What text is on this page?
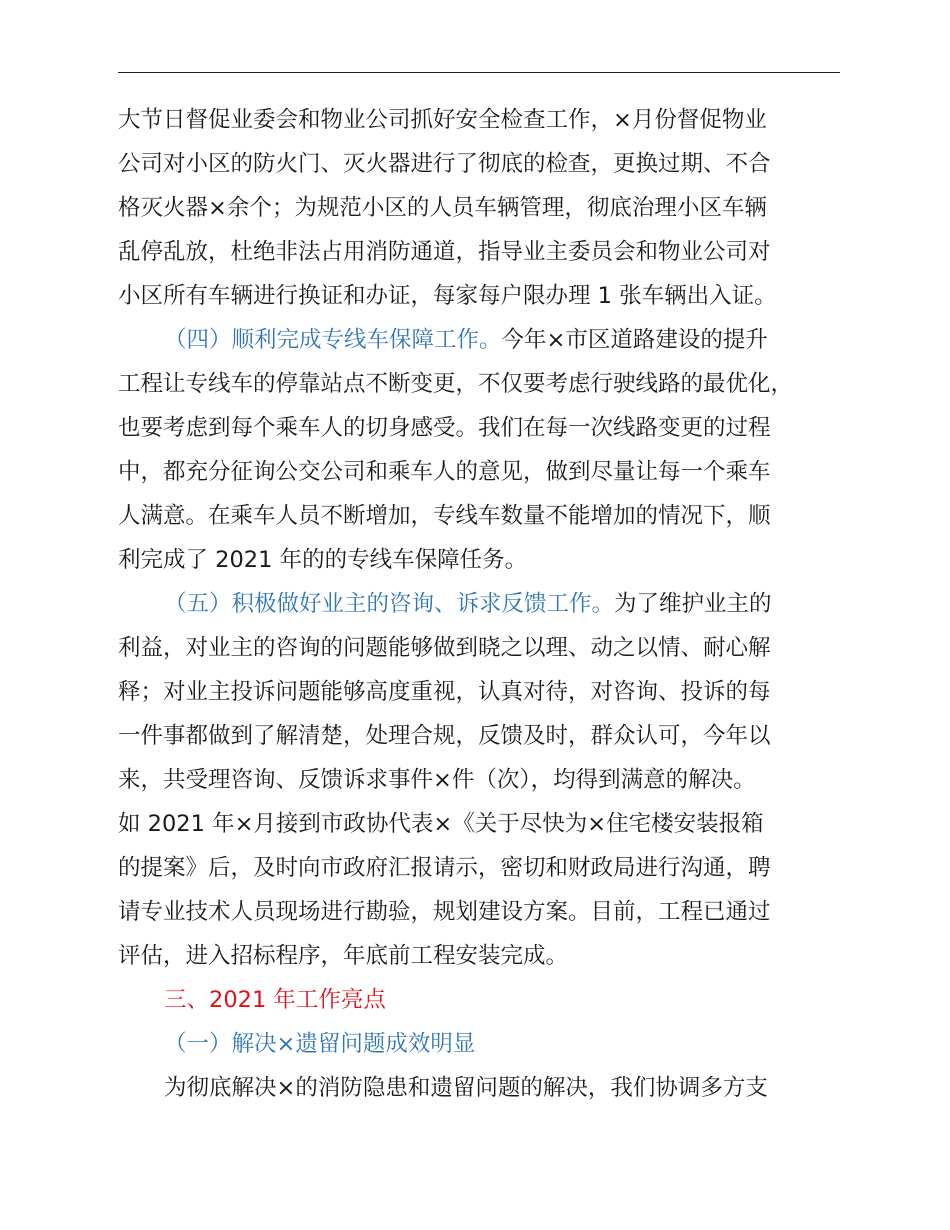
大节日督促业委会和物业公司抓好安全检查工作，×月份督促物业
公司对小区的防火门、灭火器进行了彻底的检查，更换过期、不合
格灭火器×余个；为规范小区的人员车辆管理，彻底治理小区车辆
乱停乱放，杜绝非法占用消防通道，指导业主委员会和物业公司对
小区所有车辆进行换证和办证，每家每户限办理 1 张车辆出入证。
（四）顺利完成专线车保障工作。今年×市区道路建设的提升
工程让专线车的停靠站点不断变更，不仅要考虑行驶线路的最优化，
也要考虑到每个乘车人的切身感受。我们在每一次线路变更的过程
中，都充分征询公交公司和乘车人的意见，做到尽量让每一个乘车
人满意。在乘车人员不断增加，专线车数量不能增加的情况下，顺
利完成了 2021 年的的专线车保障任务。
（五）积极做好业主的咨询、诉求反馈工作。为了维护业主的
利益，对业主的咨询的问题能够做到晓之以理、动之以情、耐心解
释；对业主投诉问题能够高度重视，认真对待，对咨询、投诉的每
一件事都做到了解清楚，处理合规，反馈及时，群众认可，今年以
来，共受理咨询、反馈诉求事件×件（次），均得到满意的解决。
如 2021 年×月接到市政协代表×《关于尽快为×住宅楼安装报箱
的提案》后，及时向市政府汇报请示，密切和财政局进行沟通，聘
请专业技术人员现场进行勘验，规划建设方案。目前，工程已通过
评估，进入招标程序，年底前工程安装完成。
三、2021 年工作亮点
（一）解决×遗留问题成效明显
为彻底解决×的消防隐患和遗留问题的解决，我们协调多方支
